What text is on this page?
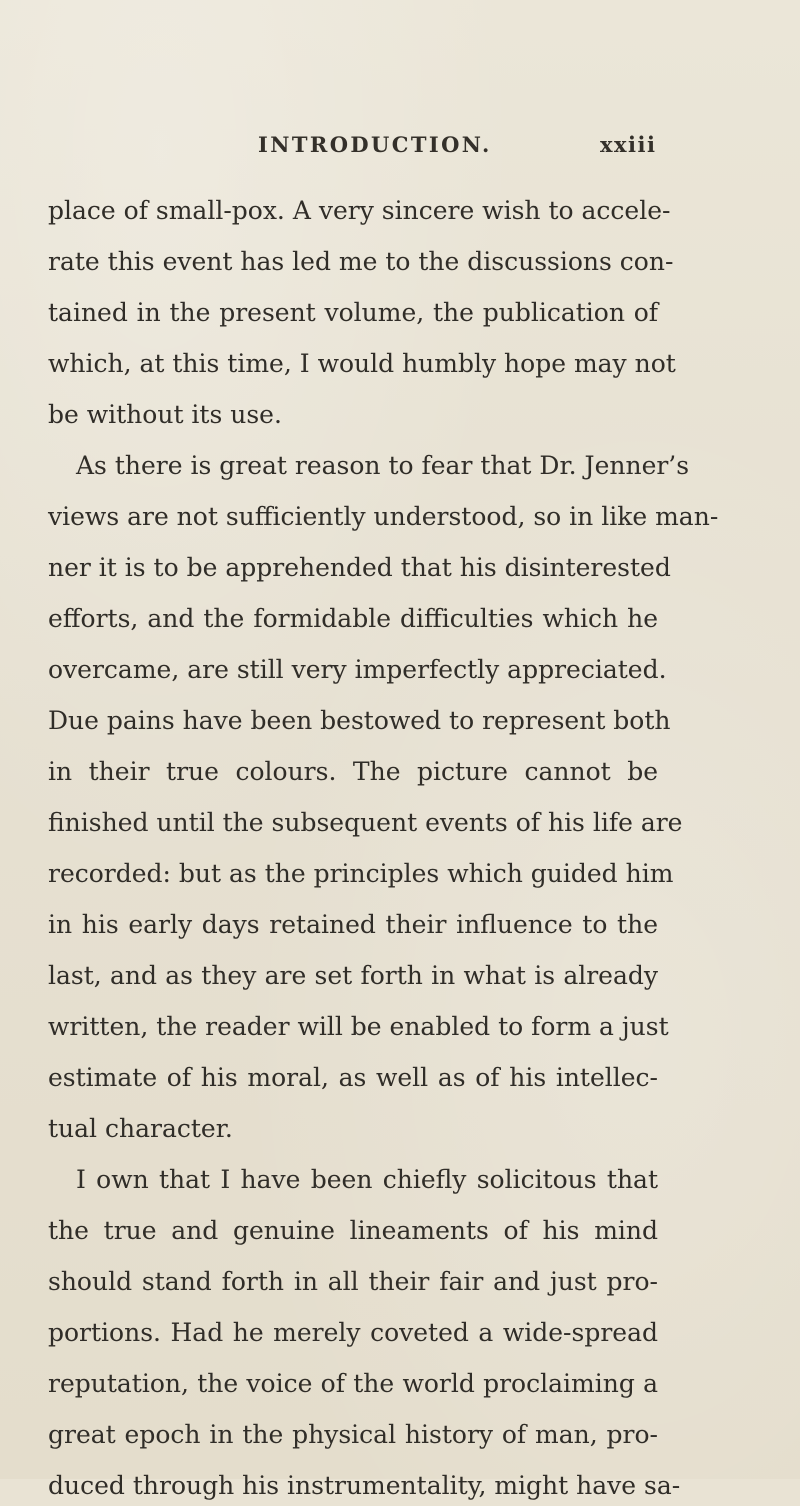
INTRODUCTION.	xxiii
place of small-pox. A very sincere wish to accele-
rate this event has led me to the discussions con-
tained in the present volume, the publication of
which, at this time, I would humbly hope may not
be without its use.
As there is great reason to fear that Dr. Jenner’s
views are not sufficiently understood, so in like man-
ner it is to be apprehended that his disinterested
efforts, and the formidable difficulties which he
overcame, are still very imperfectly appreciated.
Due pains have been bestowed to represent both
in their true colours. The picture cannot be
finished until the subsequent events of his life are
recorded: but as the principles which guided him
in his early days retained their influence to the
last, and as they are set forth in what is already
written, the reader will be enabled to form a just
estimate of his moral, as well as of his intellec-
tual character.
I own that I have been chiefly solicitous that
the true and genuine lineaments of his mind
should stand forth in all their fair and just pro-
portions. Had he merely coveted a wide-spread
reputation, the voice of the world proclaiming a
great epoch in the physical history of man, pro-
duced through his instrumentality, might have sa-
